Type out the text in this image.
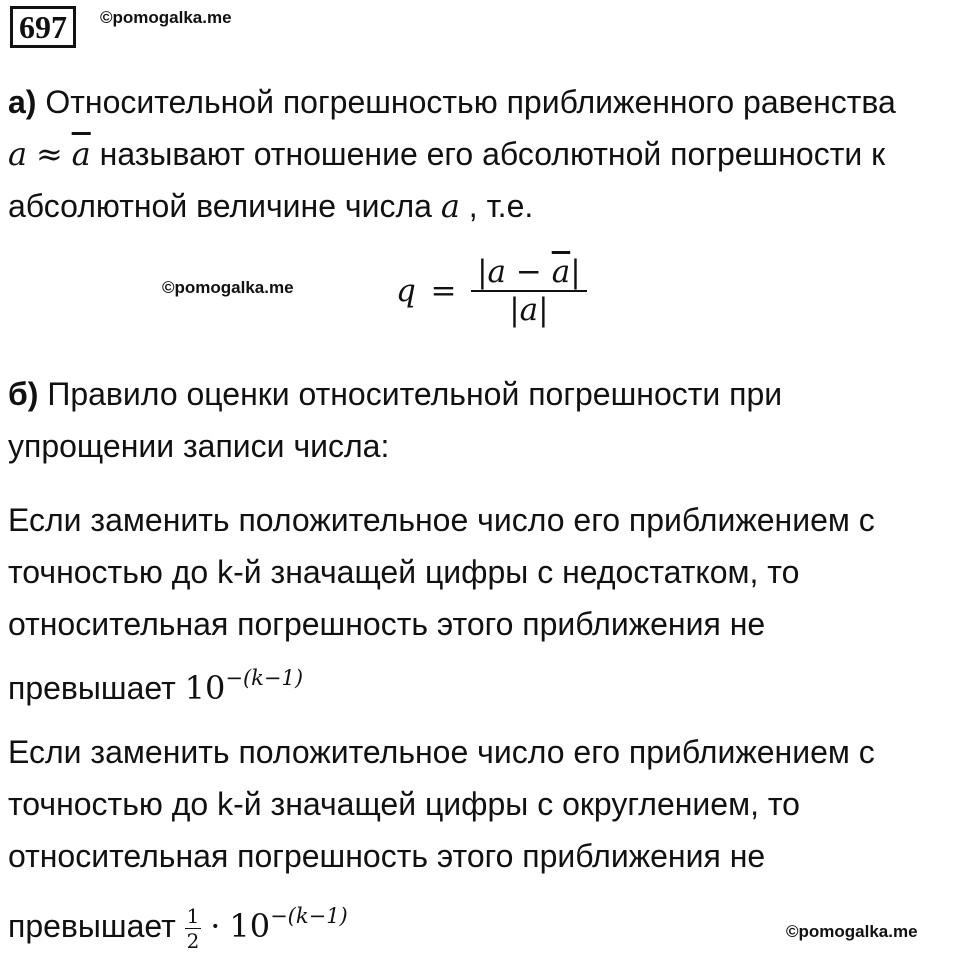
697	©pomogalka.me
а) Относительной погрешностью приближенного равенства
$a \approx \overline{a}$ называют отношение его абсолютной погрешности к
абсолютной величине числа a , т.е.
©pomogalka.me	$q = \frac{|a - \overline{a}|}{|a|}$
б) Правило оценки относительной погрешности при
упрощении записи числа:
Если заменить положительное число его приближением с
точностью до k-й значащей цифры с недостатком, то
относительная погрешность этого приближения не
превышает $10^{-(k-1)}$
Если заменить положительное число его приближением с
точностью до k-й значащей цифры с округлением, то
относительная погрешность этого приближения не
превышает $\frac{1}{2} \cdot 10^{-(k-1)}$
©pomogalka.me
